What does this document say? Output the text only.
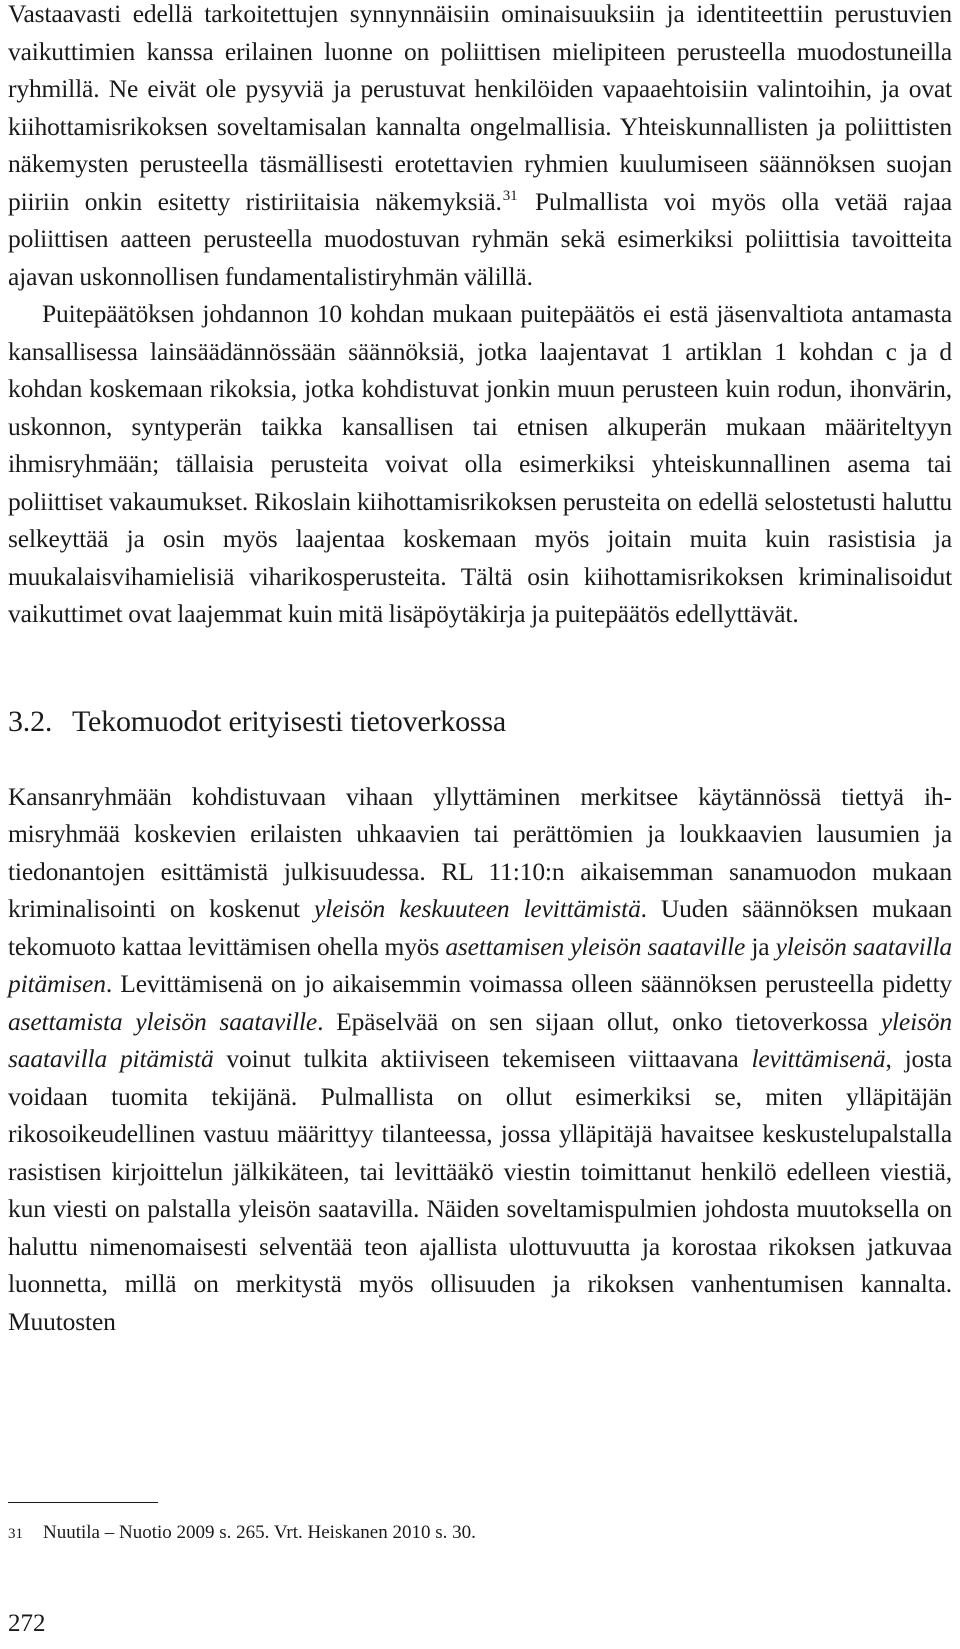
Vastaavasti edellä tarkoitettujen synnynnäisiin ominaisuuksiin ja identiteettiin perustuvien vaikuttimien kanssa erilainen luonne on poliittisen mielipiteen perusteella muodostuneilla ryhmillä. Ne eivät ole pysyviä ja perustuvat henkilöiden vapaaehtoisiin valintoihin, ja ovat kiihottamisrikoksen soveltamisalan kannalta ongelmallisia. Yhteiskunnallisten ja poliittisten näkemysten perusteella täsmällisesti erotettavien ryhmien kuulumiseen säännöksen suojan piiriin onkin esitetty ristiriitaisia näkemyksiä.$^{31}$ Pulmallista voi myös olla vetää rajaa poliittisen aatteen perusteella muodostuvan ryhmän sekä esimerkiksi poliittisia tavoitteita ajavan uskonnollisen fundamentalistiryhmän välillä.

Puitepäätöksen johdannon 10 kohdan mukaan puitepäätös ei estä jäsenvaltiota antamasta kansallisessa lainsäädännössään säännöksiä, jotka laajentavat 1 artiklan 1 kohdan c ja d kohdan koskemaan rikoksia, jotka kohdistuvat jonkin muun perusteen kuin rodun, ihonvärin, uskonnon, syntyperän taikka kansallisen tai etnisen alkuperän mukaan määriteltyyn ihmisryhmään; tällaisia perusteita voivat olla esimerkiksi yhteiskunnallinen asema tai poliittiset vakaumukset. Rikoslain kiihottamisrikoksen perusteita on edellä selostetusti haluttu selkeyttää ja osin myös laajentaa koskemaan myös joitain muita kuin rasistisia ja muukalaisvihamielisiä viharikosperusteita. Tältä osin kiihottamisrikoksen kriminalisoidut vaikuttimet ovat laajemmat kuin mitä lisäpöytäkirja ja puitepäätös edellyttävät.

3.2. Tekomuodot erityisesti tietoverkossa

Kansanryhmään kohdistuvaan vihaan yllyttäminen merkitsee käytännössä tiettyä ihmisryhmää koskevien erilaisten uhkaavien tai perättömien ja loukkaavien lausumien ja tiedonantojen esittämistä julkisuudessa. RL 11:10:n aikaisemman sanamuodon mukaan kriminalisointi on koskenut yleisön keskuuteen levittämistä. Uuden säännöksen mukaan tekomuoto kattaa levittämisen ohella myös asettamisen yleisön saataville ja yleisön saatavilla pitämisen. Levittämisenä on jo aikaisemmin voimassa olleen säännöksen perusteella pidetty asettamista yleisön saataville. Epäselvää on sen sijaan ollut, onko tietoverkossa yleisön saatavilla pitämistä voinut tulkita aktiiviseen tekemiseen viittaavana levittämisenä, josta voidaan tuomita tekijänä. Pulmallista on ollut esimerkiksi se, miten ylläpitäjän rikosoikeudellinen vastuu määrittyy tilanteessa, jossa ylläpitäjä havaitsee keskustelupalstalla rasistisen kirjoittelun jälkikäteen, tai levittääkö viestin toimittanut henkilö edelleen viestiä, kun viesti on palstalla yleisön saatavilla. Näiden soveltamispulmien johdosta muutoksella on haluttu nimenomaisesti selventää teon ajallista ulottuvuutta ja korostaa rikoksen jatkuvaa luonnetta, millä on merkitystä myös ollisuuden ja rikoksen vanhentumisen kannalta. Muutosten

31	Nuutila – Nuotio 2009 s. 265. Vrt. Heiskanen 2010 s. 30.
272
